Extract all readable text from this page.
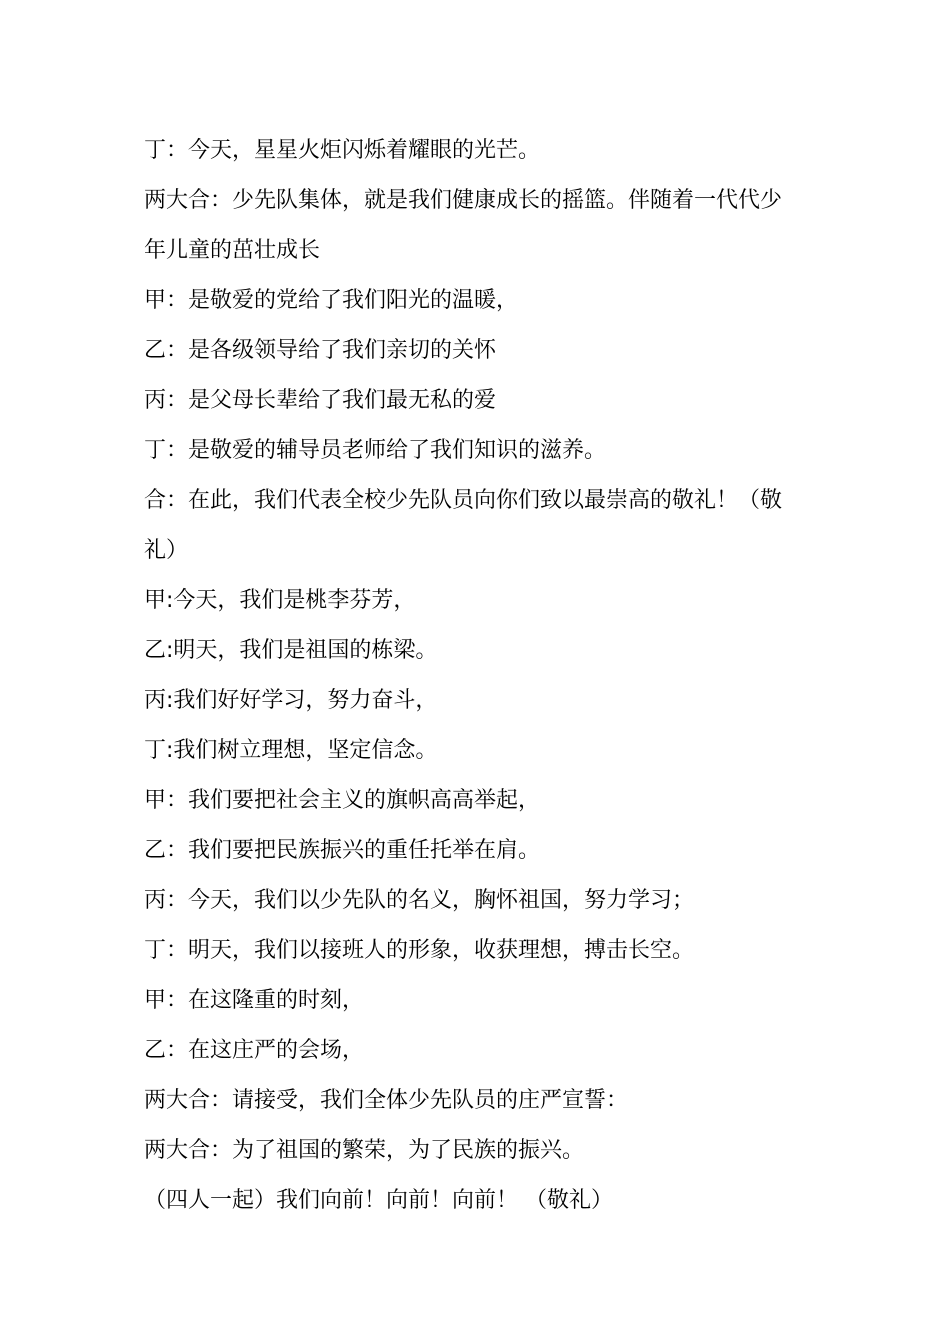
丁：今天，星星火炬闪烁着耀眼的光芒。

两大合：少先队集体，就是我们健康成长的摇篮。伴随着一代代少

年儿童的茁壮成长

甲：是敬爱的党给了我们阳光的温暖，

乙：是各级领导给了我们亲切的关怀

丙：是父母长辈给了我们最无私的爱

丁：是敬爱的辅导员老师给了我们知识的滋养。

合：在此，我们代表全校少先队员向你们致以最崇高的敬礼！（敬

礼）

甲:今天，我们是桃李芬芳，

乙:明天，我们是祖国的栋梁。

丙:我们好好学习，努力奋斗，

丁:我们树立理想，坚定信念。

甲：我们要把社会主义的旗帜高高举起，

乙：我们要把民族振兴的重任托举在肩。

丙：今天，我们以少先队的名义，胸怀祖国，努力学习；

丁：明天，我们以接班人的形象，收获理想，搏击长空。

甲：在这隆重的时刻，

乙：在这庄严的会场，

两大合：请接受，我们全体少先队员的庄严宣誓：

两大合：为了祖国的繁荣，为了民族的振兴。

（四人一起）我们向前！向前！向前！ （敬礼）
